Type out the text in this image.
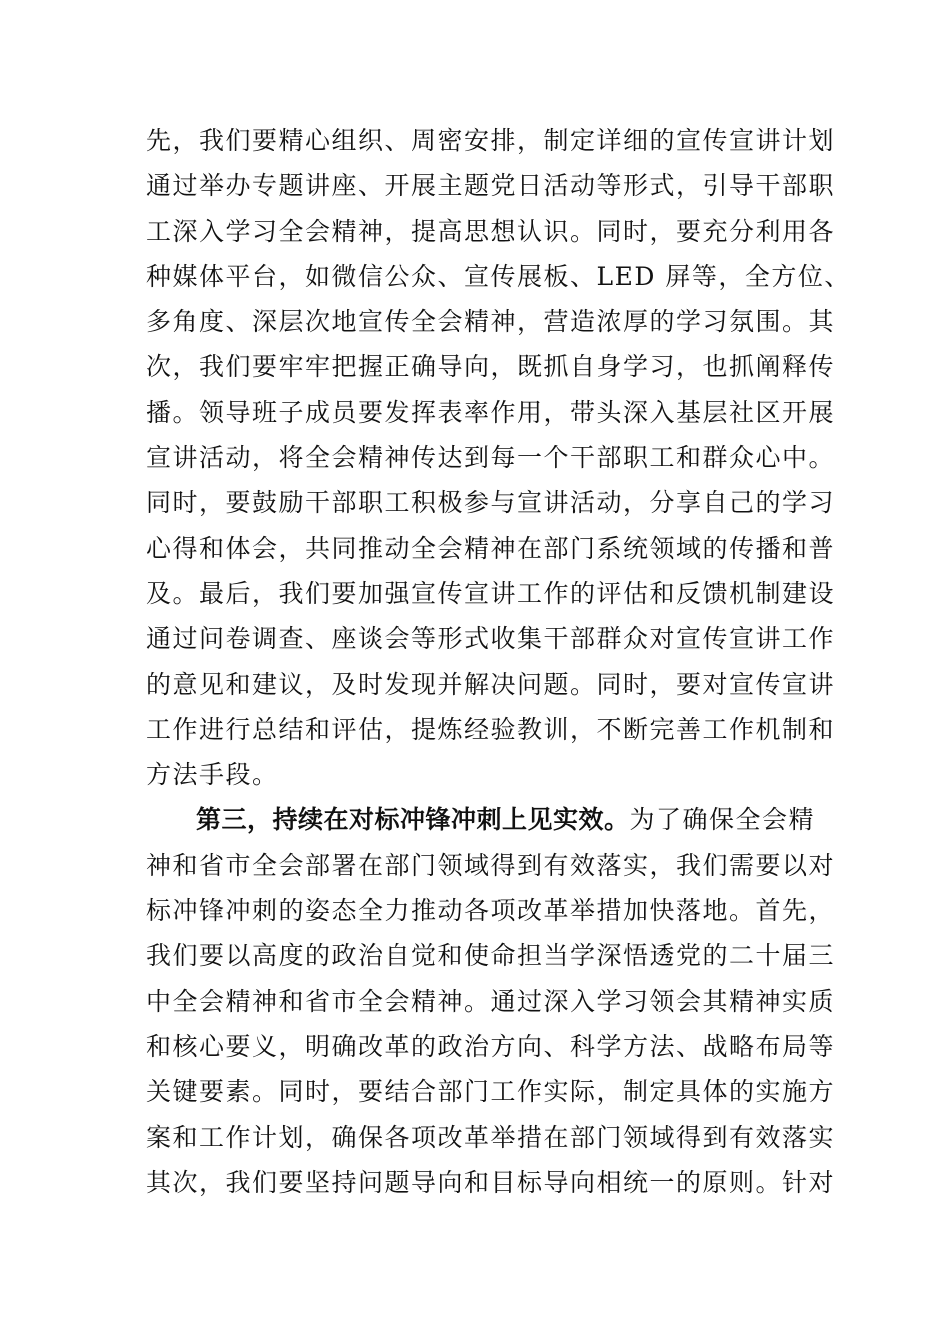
先，我们要精心组织、周密安排，制定详细的宣传宣讲计划
通过举办专题讲座、开展主题党日活动等形式，引导干部职
工深入学习全会精神，提高思想认识。同时，要充分利用各
种媒体平台，如微信公众、宣传展板、LED 屏等，全方位、
多角度、深层次地宣传全会精神，营造浓厚的学习氛围。其
次，我们要牢牢把握正确导向，既抓自身学习，也抓阐释传
播。领导班子成员要发挥表率作用，带头深入基层社区开展
宣讲活动，将全会精神传达到每一个干部职工和群众心中。
同时，要鼓励干部职工积极参与宣讲活动，分享自己的学习
心得和体会，共同推动全会精神在部门系统领域的传播和普
及。最后，我们要加强宣传宣讲工作的评估和反馈机制建设
通过问卷调查、座谈会等形式收集干部群众对宣传宣讲工作
的意见和建议，及时发现并解决问题。同时，要对宣传宣讲
工作进行总结和评估，提炼经验教训，不断完善工作机制和
方法手段。
第三，持续在对标冲锋冲刺上见实效。为了确保全会精
神和省市全会部署在部门领域得到有效落实，我们需要以对
标冲锋冲刺的姿态全力推动各项改革举措加快落地。首先，
我们要以高度的政治自觉和使命担当学深悟透党的二十届三
中全会精神和省市全会精神。通过深入学习领会其精神实质
和核心要义，明确改革的政治方向、科学方法、战略布局等
关键要素。同时，要结合部门工作实际，制定具体的实施方
案和工作计划，确保各项改革举措在部门领域得到有效落实
其次，我们要坚持问题导向和目标导向相统一的原则。针对
